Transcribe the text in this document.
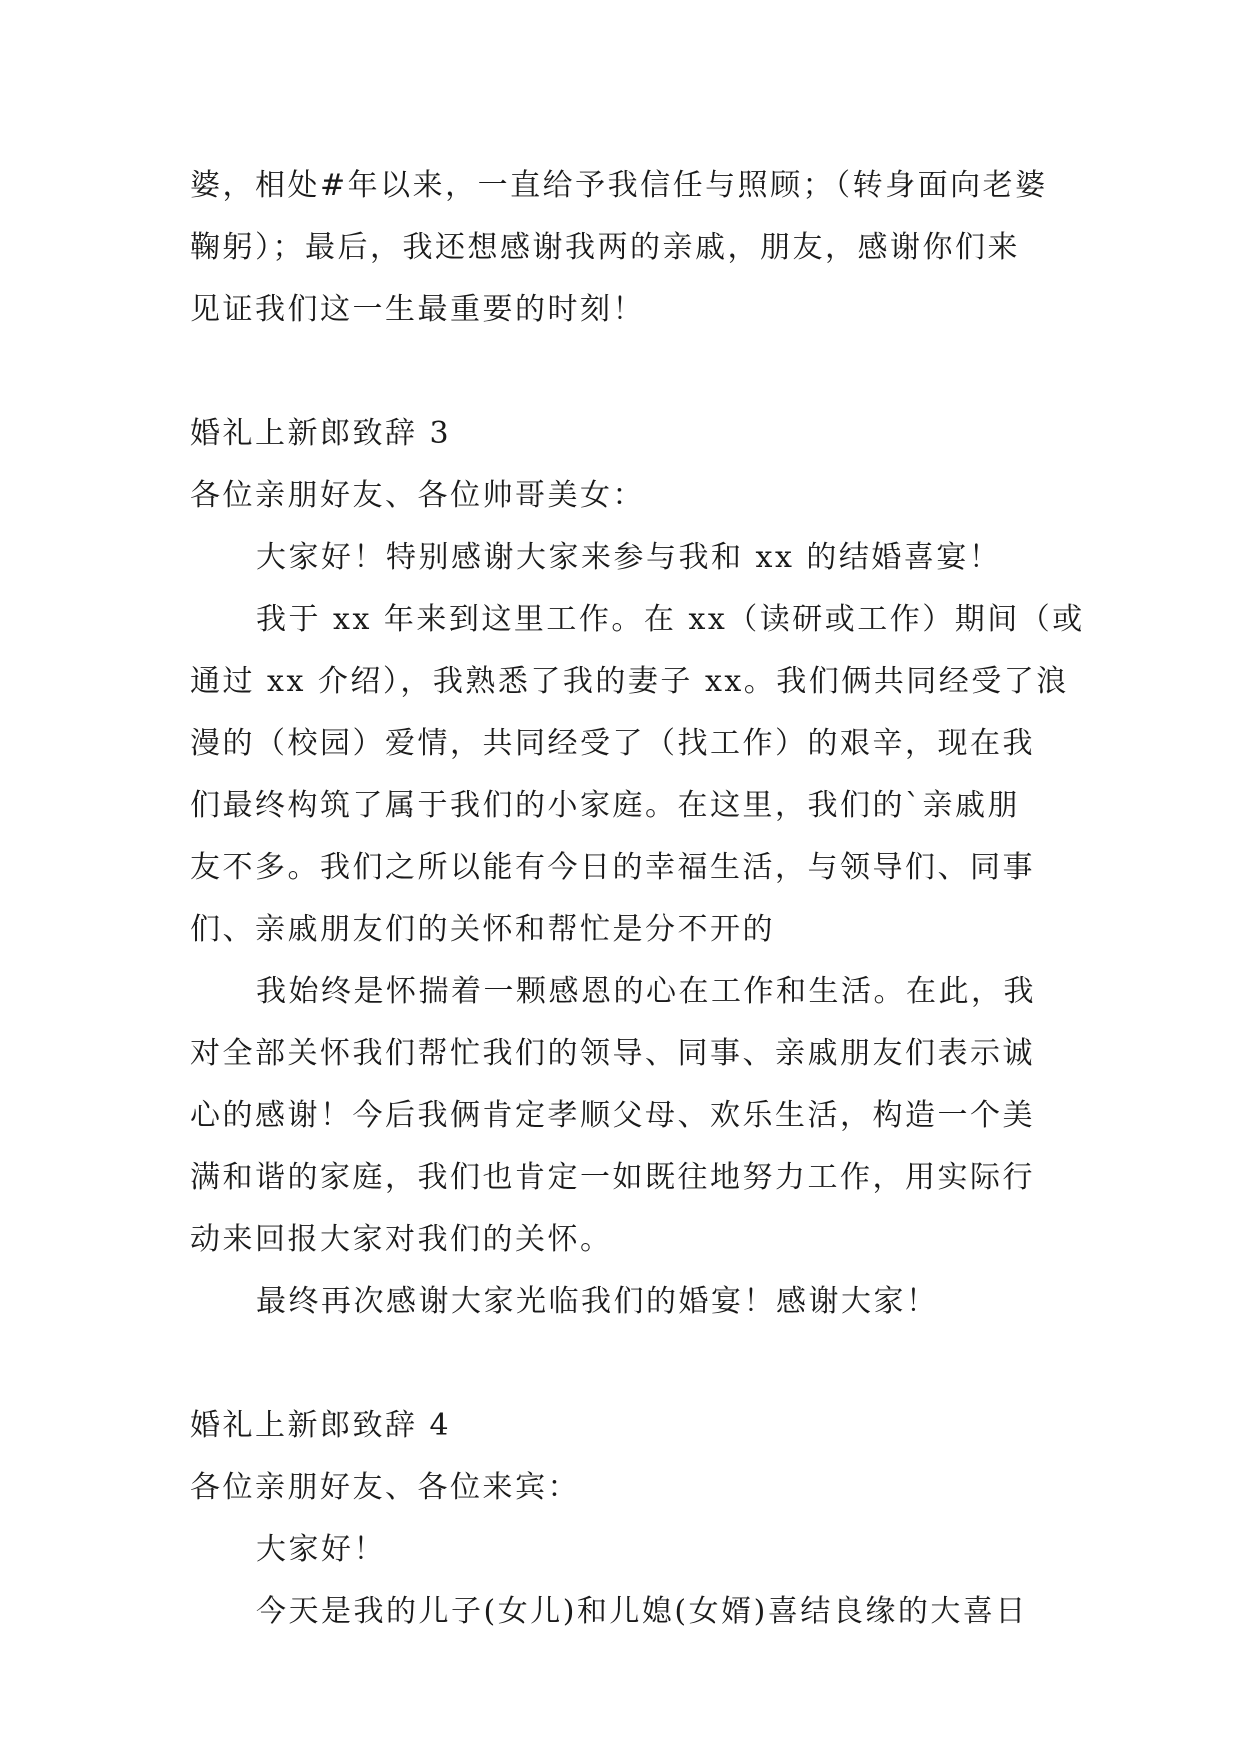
婆，相处#年以来，一直给予我信任与照顾；（转身面向老婆
鞠躬）；最后，我还想感谢我两的亲戚，朋友，感谢你们来
见证我们这一生最重要的时刻！
婚礼上新郎致辞 3
各位亲朋好友、各位帅哥美女：
大家好！特别感谢大家来参与我和 xx 的结婚喜宴！
我于 xx 年来到这里工作。在 xx（读研或工作）期间（或
通过 xx 介绍），我熟悉了我的妻子 xx。我们俩共同经受了浪
漫的（校园）爱情，共同经受了（找工作）的艰辛，现在我
们最终构筑了属于我们的小家庭。在这里，我们的`亲戚朋
友不多。我们之所以能有今日的幸福生活，与领导们、同事
们、亲戚朋友们的关怀和帮忙是分不开的
我始终是怀揣着一颗感恩的心在工作和生活。在此，我
对全部关怀我们帮忙我们的领导、同事、亲戚朋友们表示诚
心的感谢！今后我俩肯定孝顺父母、欢乐生活，构造一个美
满和谐的家庭，我们也肯定一如既往地努力工作，用实际行
动来回报大家对我们的关怀。
最终再次感谢大家光临我们的婚宴！感谢大家！
婚礼上新郎致辞 4
各位亲朋好友、各位来宾：
大家好！
今天是我的儿子(女儿)和儿媳(女婿)喜结良缘的大喜日
